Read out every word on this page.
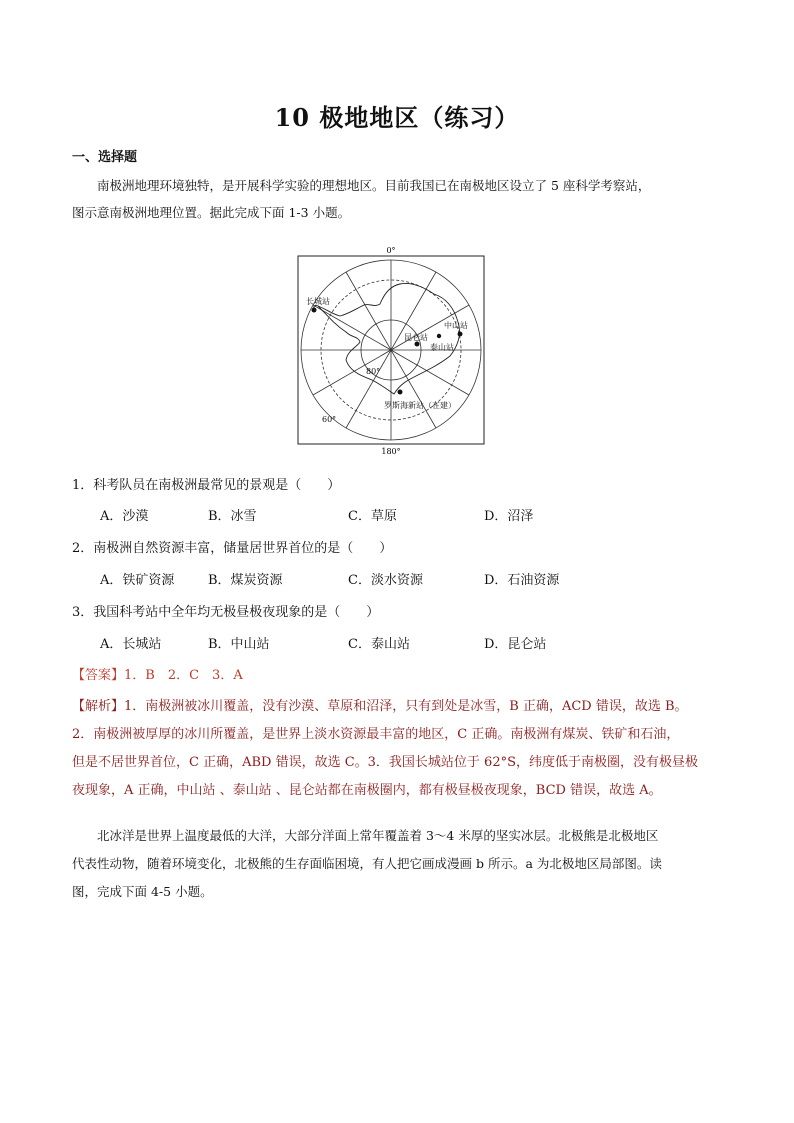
10 极地地区（练习）
一、选择题

南极洲地理环境独特，是开展科学实验的理想地区。目前我国已在南极地区设立了 5 座科学考察站，

图示意南极洲地理位置。据此完成下面 1-3 小题。

0°
长城站
中山站
昆仑站
泰山站
罗斯海新站（在建）
80°
60°
180°
1．科考队员在南极洲最常见的景观是（　　）
A．沙漠	B．冰雪	C．草原	D．沼泽
2．南极洲自然资源丰富，储量居世界首位的是（　　）
A．铁矿资源	B．煤炭资源	C．淡水资源	D．石油资源
3．我国科考站中全年均无极昼极夜现象的是（　　）
A．长城站	B．中山站	C．泰山站	D．昆仑站
【答案】1．B　2．C　3．A

【解析】1．南极洲被冰川覆盖，没有沙漠、草原和沼泽，只有到处是冰雪，B 正确，ACD 错误，故选 B。

2．南极洲被厚厚的冰川所覆盖，是世界上淡水资源最丰富的地区，C 正确。南极洲有煤炭、铁矿和石油，

但是不居世界首位，C 正确，ABD 错误，故选 C。3．我国长城站位于 62°S，纬度低于南极圈，没有极昼极

夜现象，A 正确，中山站 、泰山站 、昆仑站都在南极圈内，都有极昼极夜现象，BCD 错误，故选 A。

北冰洋是世界上温度最低的大洋，大部分洋面上常年覆盖着 3～4 米厚的坚实冰层。北极熊是北极地区

代表性动物，随着环境变化，北极熊的生存面临困境，有人把它画成漫画 b 所示。a 为北极地区局部图。读

图，完成下面 4-5 小题。
